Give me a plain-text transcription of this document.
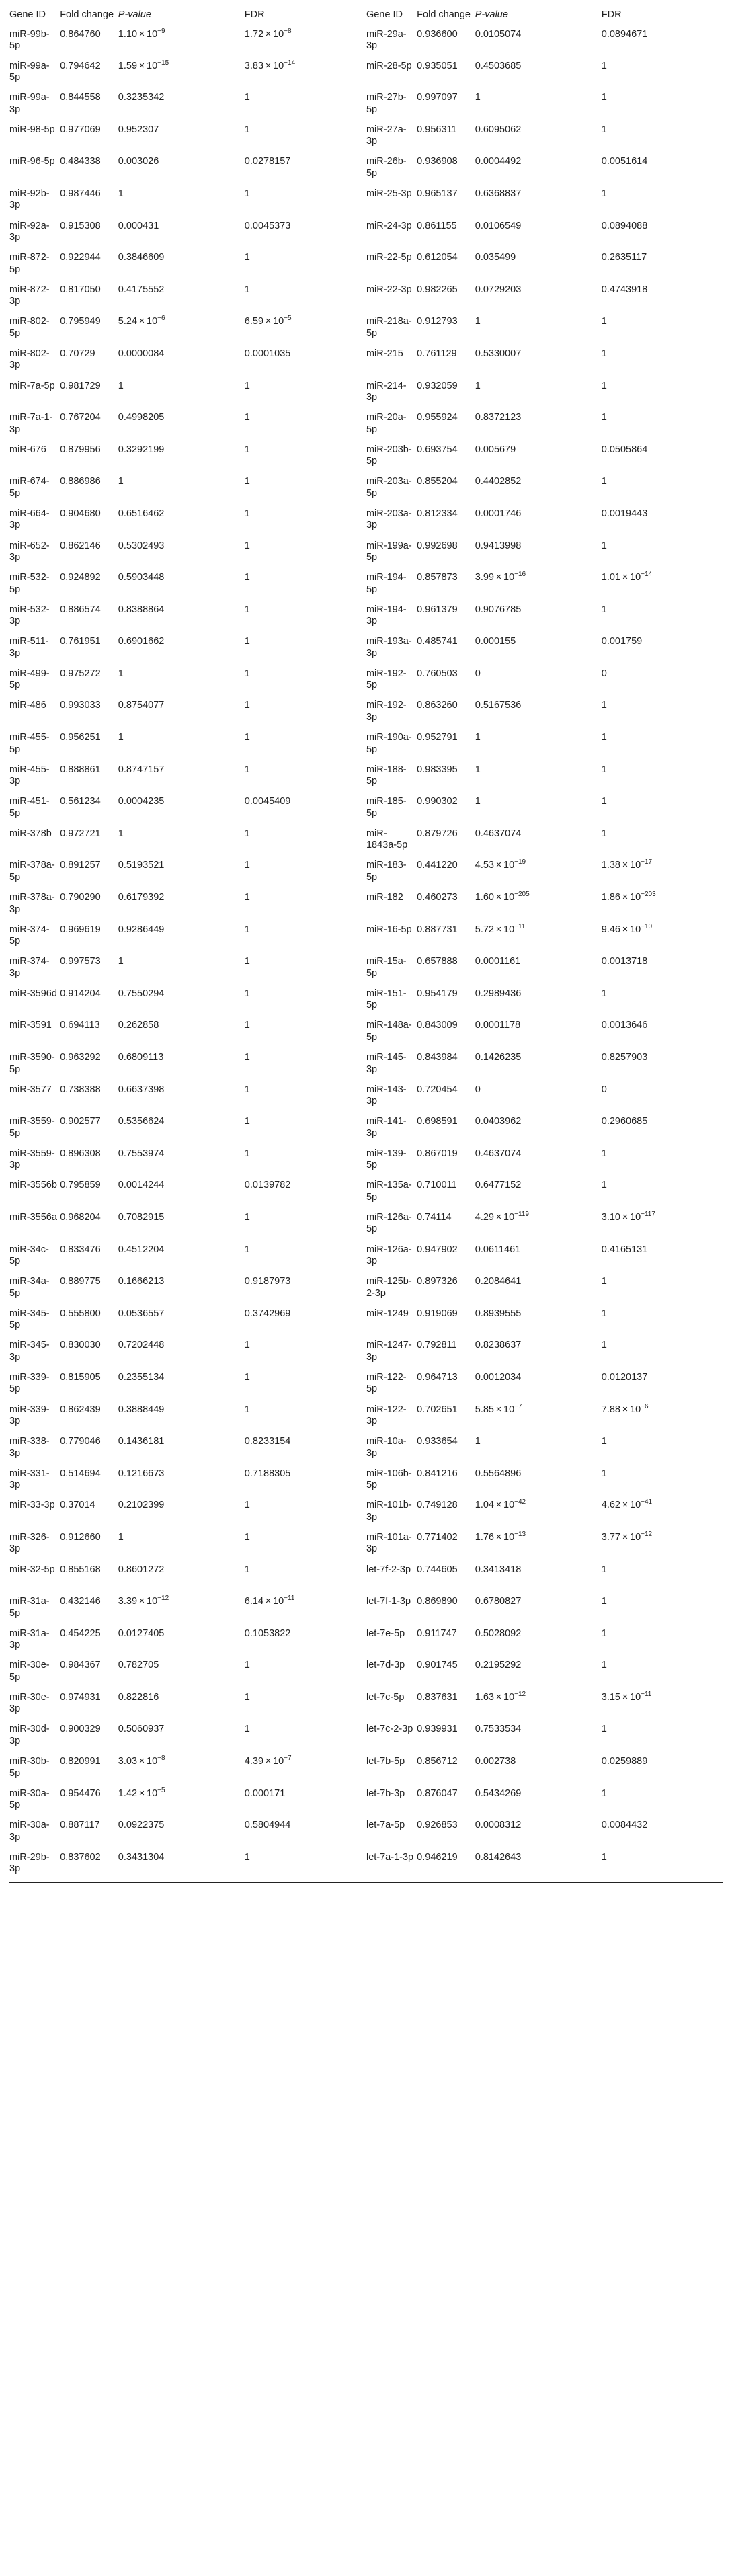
Gene ID	Fold change	P-value	FDR	Gene ID	Fold change	P-value	FDR
miR-99b-5p	0.864760	$1.10 \times 10^{-9}$	$1.72 \times 10^{-8}$	miR-29a-3p	0.936600	0.0105074	0.0894671
miR-99a-5p	0.794642	$1.59 \times 10^{-15}$	$3.83 \times 10^{-14}$	miR-28-5p	0.935051	0.4503685	1
miR-99a-3p	0.844558	0.3235342	1	miR-27b-5p	0.997097	1	1
miR-98-5p	0.977069	0.952307	1	miR-27a-3p	0.956311	0.6095062	1
miR-96-5p	0.484338	0.003026	0.0278157	miR-26b-5p	0.936908	0.0004492	0.0051614
miR-92b-3p	0.987446	1	1	miR-25-3p	0.965137	0.6368837	1
miR-92a-3p	0.915308	0.000431	0.0045373	miR-24-3p	0.861155	0.0106549	0.0894088
miR-872-5p	0.922944	0.3846609	1	miR-22-5p	0.612054	0.035499	0.2635117
miR-872-3p	0.817050	0.4175552	1	miR-22-3p	0.982265	0.0729203	0.4743918
miR-802-5p	0.795949	$5.24 \times 10^{-6}$	$6.59 \times 10^{-5}$	miR-218a-5p	0.912793	1	1
miR-802-3p	0.70729	0.0000084	0.0001035	miR-215	0.761129	0.5330007	1
miR-7a-5p	0.981729	1	1	miR-214-3p	0.932059	1	1
miR-7a-1-3p	0.767204	0.4998205	1	miR-20a-5p	0.955924	0.8372123	1
miR-676	0.879956	0.3292199	1	miR-203b-5p	0.693754	0.005679	0.0505864
miR-674-5p	0.886986	1	1	miR-203a-5p	0.855204	0.4402852	1
miR-664-3p	0.904680	0.6516462	1	miR-203a-3p	0.812334	0.0001746	0.0019443
miR-652-3p	0.862146	0.5302493	1	miR-199a-5p	0.992698	0.9413998	1
miR-532-5p	0.924892	0.5903448	1	miR-194-5p	0.857873	$3.99 \times 10^{-16}$	$1.01 \times 10^{-14}$
miR-532-3p	0.886574	0.8388864	1	miR-194-3p	0.961379	0.9076785	1
miR-511-3p	0.761951	0.6901662	1	miR-193a-3p	0.485741	0.000155	0.001759
miR-499-5p	0.975272	1	1	miR-192-5p	0.760503	0	0
miR-486	0.993033	0.8754077	1	miR-192-3p	0.863260	0.5167536	1
miR-455-5p	0.956251	1	1	miR-190a-5p	0.952791	1	1
miR-455-3p	0.888861	0.8747157	1	miR-188-5p	0.983395	1	1
miR-451-5p	0.561234	0.0004235	0.0045409	miR-185-5p	0.990302	1	1
miR-378b	0.972721	1	1	miR-1843a-5p	0.879726	0.4637074	1
miR-378a-5p	0.891257	0.5193521	1	miR-183-5p	0.441220	$4.53 \times 10^{-19}$	$1.38 \times 10^{-17}$
miR-378a-3p	0.790290	0.6179392	1	miR-182	0.460273	$1.60 \times 10^{-205}$	$1.86 \times 10^{-203}$
miR-374-5p	0.969619	0.9286449	1	miR-16-5p	0.887731	$5.72 \times 10^{-11}$	$9.46 \times 10^{-10}$
miR-374-3p	0.997573	1	1	miR-15a-5p	0.657888	0.0001161	0.0013718
miR-3596d	0.914204	0.7550294	1	miR-151-5p	0.954179	0.2989436	1
miR-3591	0.694113	0.262858	1	miR-148a-5p	0.843009	0.0001178	0.0013646
miR-3590-5p	0.963292	0.6809113	1	miR-145-3p	0.843984	0.1426235	0.8257903
miR-3577	0.738388	0.6637398	1	miR-143-3p	0.720454	0	0
miR-3559-5p	0.902577	0.5356624	1	miR-141-3p	0.698591	0.0403962	0.2960685
miR-3559-3p	0.896308	0.7553974	1	miR-139-5p	0.867019	0.4637074	1
miR-3556b	0.795859	0.0014244	0.0139782	miR-135a-5p	0.710011	0.6477152	1
miR-3556a	0.968204	0.7082915	1	miR-126a-5p	0.74114	$4.29 \times 10^{-119}$	$3.10 \times 10^{-117}$
miR-34c-5p	0.833476	0.4512204	1	miR-126a-3p	0.947902	0.0611461	0.4165131
miR-34a-5p	0.889775	0.1666213	0.9187973	miR-125b-2-3p	0.897326	0.2084641	1
miR-345-5p	0.555800	0.0536557	0.3742969	miR-1249	0.919069	0.8939555	1
miR-345-3p	0.830030	0.7202448	1	miR-1247-3p	0.792811	0.8238637	1
miR-339-5p	0.815905	0.2355134	1	miR-122-5p	0.964713	0.0012034	0.0120137
miR-339-3p	0.862439	0.3888449	1	miR-122-3p	0.702651	$5.85 \times 10^{-7}$	$7.88 \times 10^{-6}$
miR-338-3p	0.779046	0.1436181	0.8233154	miR-10a-3p	0.933654	1	1
miR-331-3p	0.514694	0.1216673	0.7188305	miR-106b-5p	0.841216	0.5564896	1
miR-33-3p	0.37014	0.2102399	1	miR-101b-3p	0.749128	$1.04 \times 10^{-42}$	$4.62 \times 10^{-41}$
miR-326-3p	0.912660	1	1	miR-101a-3p	0.771402	$1.76 \times 10^{-13}$	$3.77 \times 10^{-12}$
miR-32-5p	0.855168	0.8601272	1	let-7f-2-3p	0.744605	0.3413418	1
miR-31a-5p	0.432146	$3.39 \times 10^{-12}$	$6.14 \times 10^{-11}$	let-7f-1-3p	0.869890	0.6780827	1
miR-31a-3p	0.454225	0.0127405	0.1053822	let-7e-5p	0.911747	0.5028092	1
miR-30e-5p	0.984367	0.782705	1	let-7d-3p	0.901745	0.2195292	1
miR-30e-3p	0.974931	0.822816	1	let-7c-5p	0.837631	$1.63 \times 10^{-12}$	$3.15 \times 10^{-11}$
miR-30d-3p	0.900329	0.5060937	1	let-7c-2-3p	0.939931	0.7533534	1
miR-30b-5p	0.820991	$3.03 \times 10^{-8}$	$4.39 \times 10^{-7}$	let-7b-5p	0.856712	0.002738	0.0259889
miR-30a-5p	0.954476	$1.42 \times 10^{-5}$	0.000171	let-7b-3p	0.876047	0.5434269	1
miR-30a-3p	0.887117	0.0922375	0.5804944	let-7a-5p	0.926853	0.0008312	0.0084432
miR-29b-3p	0.837602	0.3431304	1	let-7a-1-3p	0.946219	0.8142643	1
